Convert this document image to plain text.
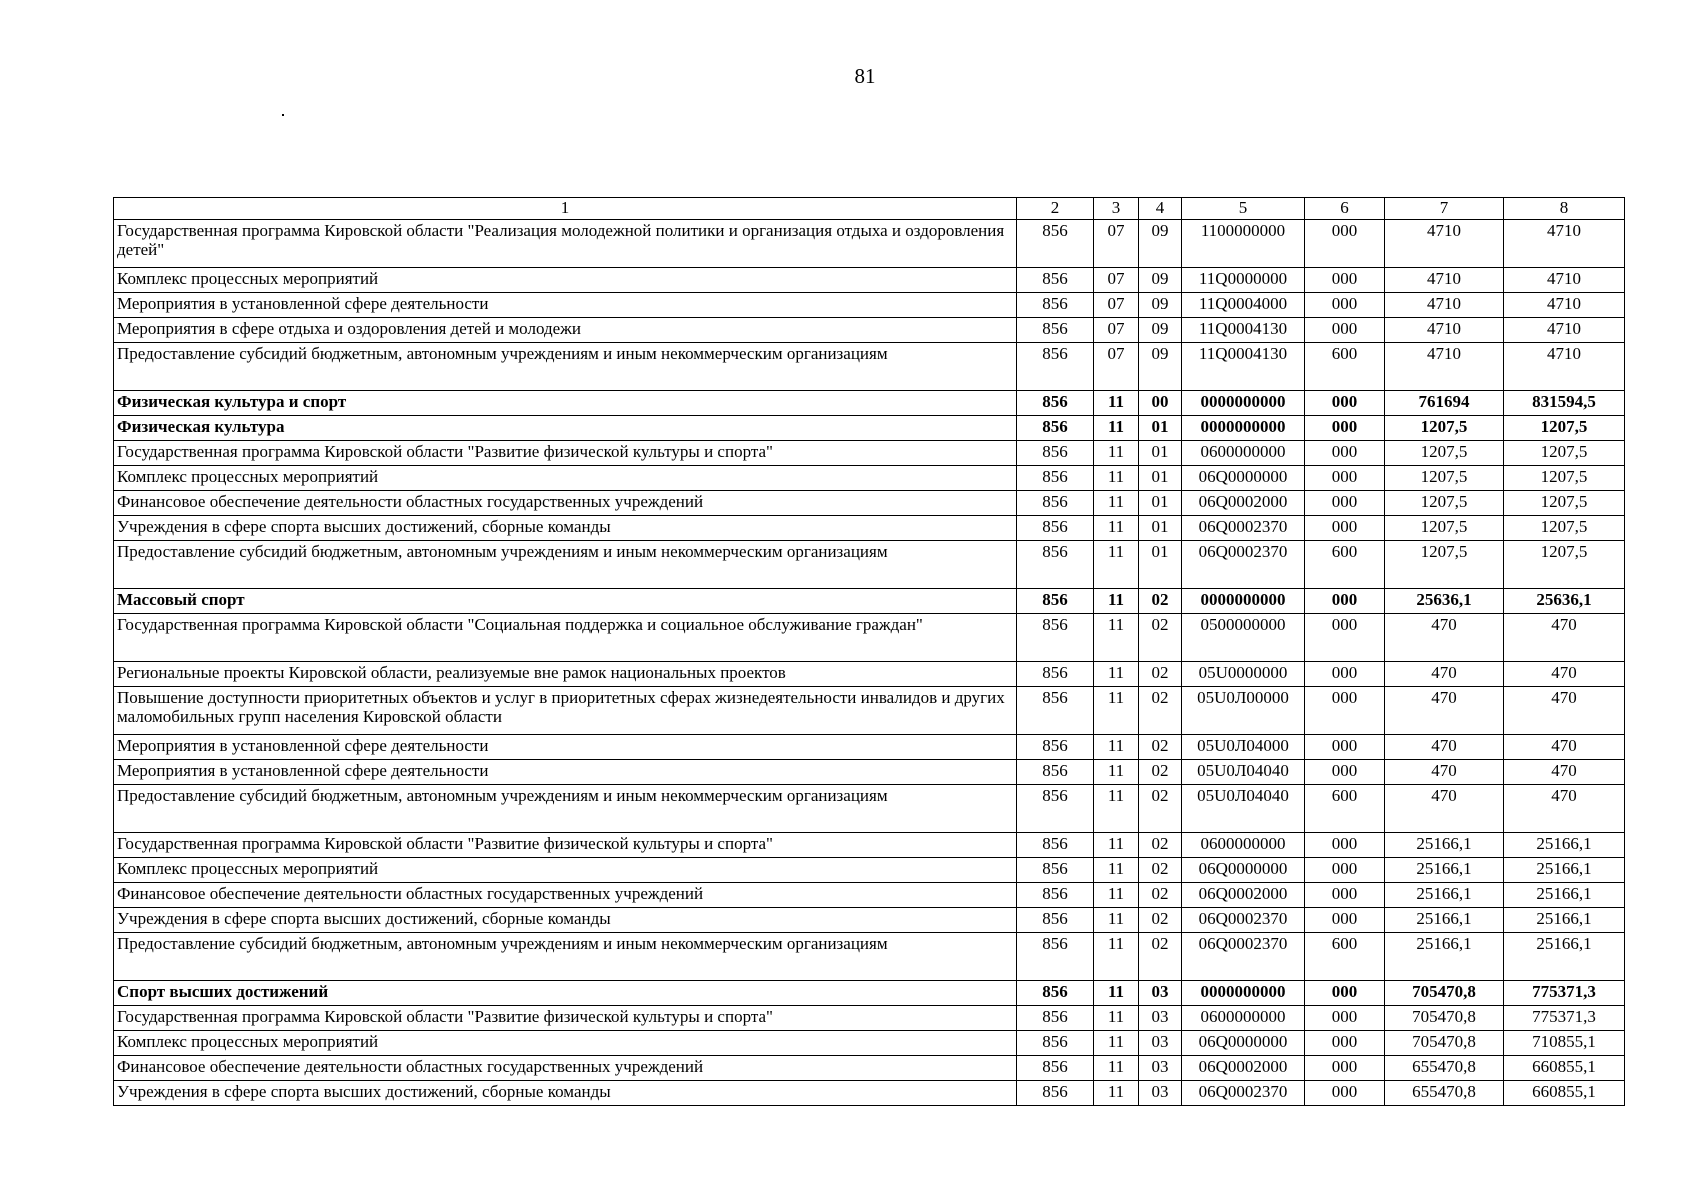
81
1	2	3	4	5	6	7	8
Государственная программа Кировской области "Реализация молодежной политики и организация отдыха и оздоровления детей"	856	07	09	1100000000	000	4710	4710
Комплекс процессных мероприятий	856	07	09	11Q0000000	000	4710	4710
Мероприятия в установленной сфере деятельности	856	07	09	11Q0004000	000	4710	4710
Мероприятия в сфере отдыха и оздоровления детей и молодежи	856	07	09	11Q0004130	000	4710	4710
Предоставление субсидий бюджетным, автономным учреждениям и иным некоммерческим организациям	856	07	09	11Q0004130	600	4710	4710
Физическая культура и спорт	856	11	00	0000000000	000	761694	831594,5
Физическая культура	856	11	01	0000000000	000	1207,5	1207,5
Государственная программа Кировской области "Развитие физической культуры и спорта"	856	11	01	0600000000	000	1207,5	1207,5
Комплекс процессных мероприятий	856	11	01	06Q0000000	000	1207,5	1207,5
Финансовое обеспечение деятельности областных государственных учреждений	856	11	01	06Q0002000	000	1207,5	1207,5
Учреждения в сфере спорта высших достижений, сборные команды	856	11	01	06Q0002370	000	1207,5	1207,5
Предоставление субсидий бюджетным, автономным учреждениям и иным некоммерческим организациям	856	11	01	06Q0002370	600	1207,5	1207,5
Массовый спорт	856	11	02	0000000000	000	25636,1	25636,1
Государственная программа Кировской области "Социальная поддержка и социальное обслуживание граждан"	856	11	02	0500000000	000	470	470
Региональные проекты Кировской области, реализуемые вне рамок национальных проектов	856	11	02	05U0000000	000	470	470
Повышение доступности приоритетных объектов и услуг в приоритетных сферах жизнедеятельности инвалидов и других маломобильных групп населения Кировской области	856	11	02	05U0Л00000	000	470	470
Мероприятия в установленной сфере деятельности	856	11	02	05U0Л04000	000	470	470
Мероприятия в установленной сфере деятельности	856	11	02	05U0Л04040	000	470	470
Предоставление субсидий бюджетным, автономным учреждениям и иным некоммерческим организациям	856	11	02	05U0Л04040	600	470	470
Государственная программа Кировской области "Развитие физической культуры и спорта"	856	11	02	0600000000	000	25166,1	25166,1
Комплекс процессных мероприятий	856	11	02	06Q0000000	000	25166,1	25166,1
Финансовое обеспечение деятельности областных государственных учреждений	856	11	02	06Q0002000	000	25166,1	25166,1
Учреждения в сфере спорта высших достижений, сборные команды	856	11	02	06Q0002370	000	25166,1	25166,1
Предоставление субсидий бюджетным, автономным учреждениям и иным некоммерческим организациям	856	11	02	06Q0002370	600	25166,1	25166,1
Спорт высших достижений	856	11	03	0000000000	000	705470,8	775371,3
Государственная программа Кировской области "Развитие физической культуры и спорта"	856	11	03	0600000000	000	705470,8	775371,3
Комплекс процессных мероприятий	856	11	03	06Q0000000	000	705470,8	710855,1
Финансовое обеспечение деятельности областных государственных учреждений	856	11	03	06Q0002000	000	655470,8	660855,1
Учреждения в сфере спорта высших достижений, сборные команды	856	11	03	06Q0002370	000	655470,8	660855,1
